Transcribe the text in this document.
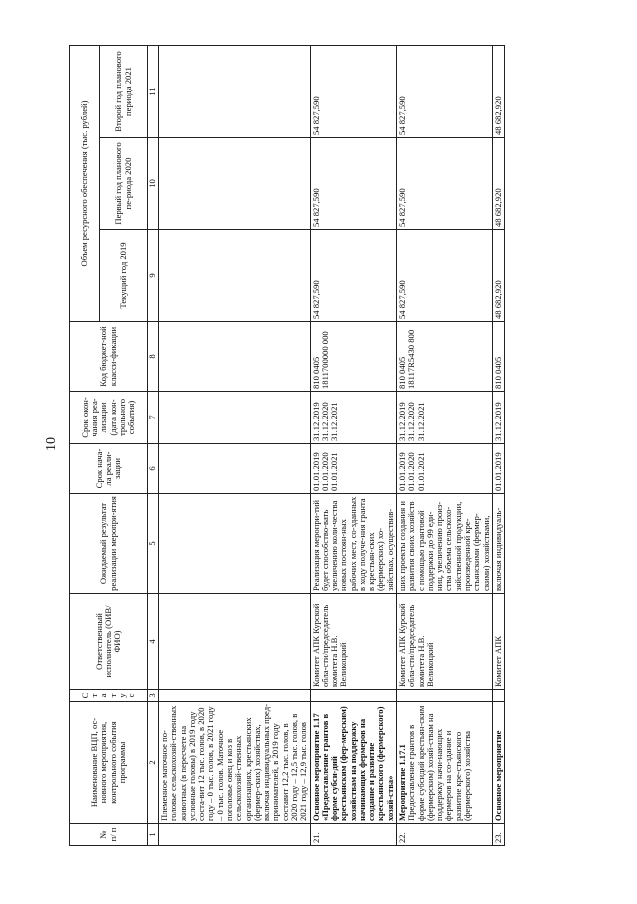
10
№ п/ п	Наименование ВЦП, ос-новного мероприятия, контрольного события программы	С т а т у с	Ответственный исполнитель (ОИВ/ФИО)	Ожидаемый результат реализации меропри-ятия	Срок нача-ла реали-зации	Срок окон-чания реа-лизации (дата кон-трольного события)	Код бюджет-ной класси-фикации	Объем ресурсного обеспечения (тыс. рублей)		
								Текущий год 2019	Первый год планового пе-риода 2020	Второй год планового периода 2021
1	2	3	4	5	6	7	8	9	10	11
	Племенное маточное по-головье сельскохозяй-ственных животных (в пересчете на условные головы) в 2019 году соста-вит 12 тыс. голов, в 2020 году – 0 тыс. голов, в 2021 году – 0 тыс. голов. Маточное поголовье овец и коз в сельскохозяй-ственных организациях, крестьянских (фермер-ских) хозяйствах, включая индивидуальных пред-принимателей, в 2019 году составит 12,2 тыс. голов, в 2020 году – 12,5 тыс. голов, в 2021 году – 12,9 тыс. голов									
21.	Основное мероприятие 1.17 «Предоставление грантов в форме субси-дий крестьянским (фер-мерским) хозяйствам на поддержку начинающих фермеров на создание и развитие крестьянского (фермерского) хозяй-ства»		Комитет АПК Курской обла-сти/председатель комитета Н.В. Великоцкий	Реализация меропри-тий будет способство-вать увеличению коли-чества новых постоян-ных рабочих мест, со-зданных в ходу получе-ния гранта в крестьян-ских (фермерских) хо-зяйствах, осуществив-	01.01.2019 01.01.2020 01.01.2021	31.12.2019 31.12.2020 31.12.2021	810 0405 1811700000 000	54 827,590	54 827,590	54 827,590
22.	Мероприятие 1.17.1 Предоставление грантов в форме субсидий крестьян-ским (фермерским) хозяй-ствам на поддержку начи-нающих фермеров на со-здание и развитие кре-стьянского (фермерского) хозяйства		Комитет АПК Курской обла-сти/председатель комитета Н.В. Великоцкий	ших проекты создания и развития своих хозяйств с помощью грантовой поддержки до 99 еди-ниц, увеличению произ-ства объема сельскохо-зяйственной продукции, произведенной кре-стьянскими (фермер-скими) хозяйствами,	01.01.2019 01.01.2020 01.01.2021	31.12.2019 31.12.2020 31.12.2021	810 0405 18117R5430 800	54 827,590	54 827,590	54 827,590
23.	Основное мероприятие		Комитет АПК	включая индивидуаль-	01.01.2019	31.12.2019	810 0405	48 682,920	48 682,920	48 682,920
